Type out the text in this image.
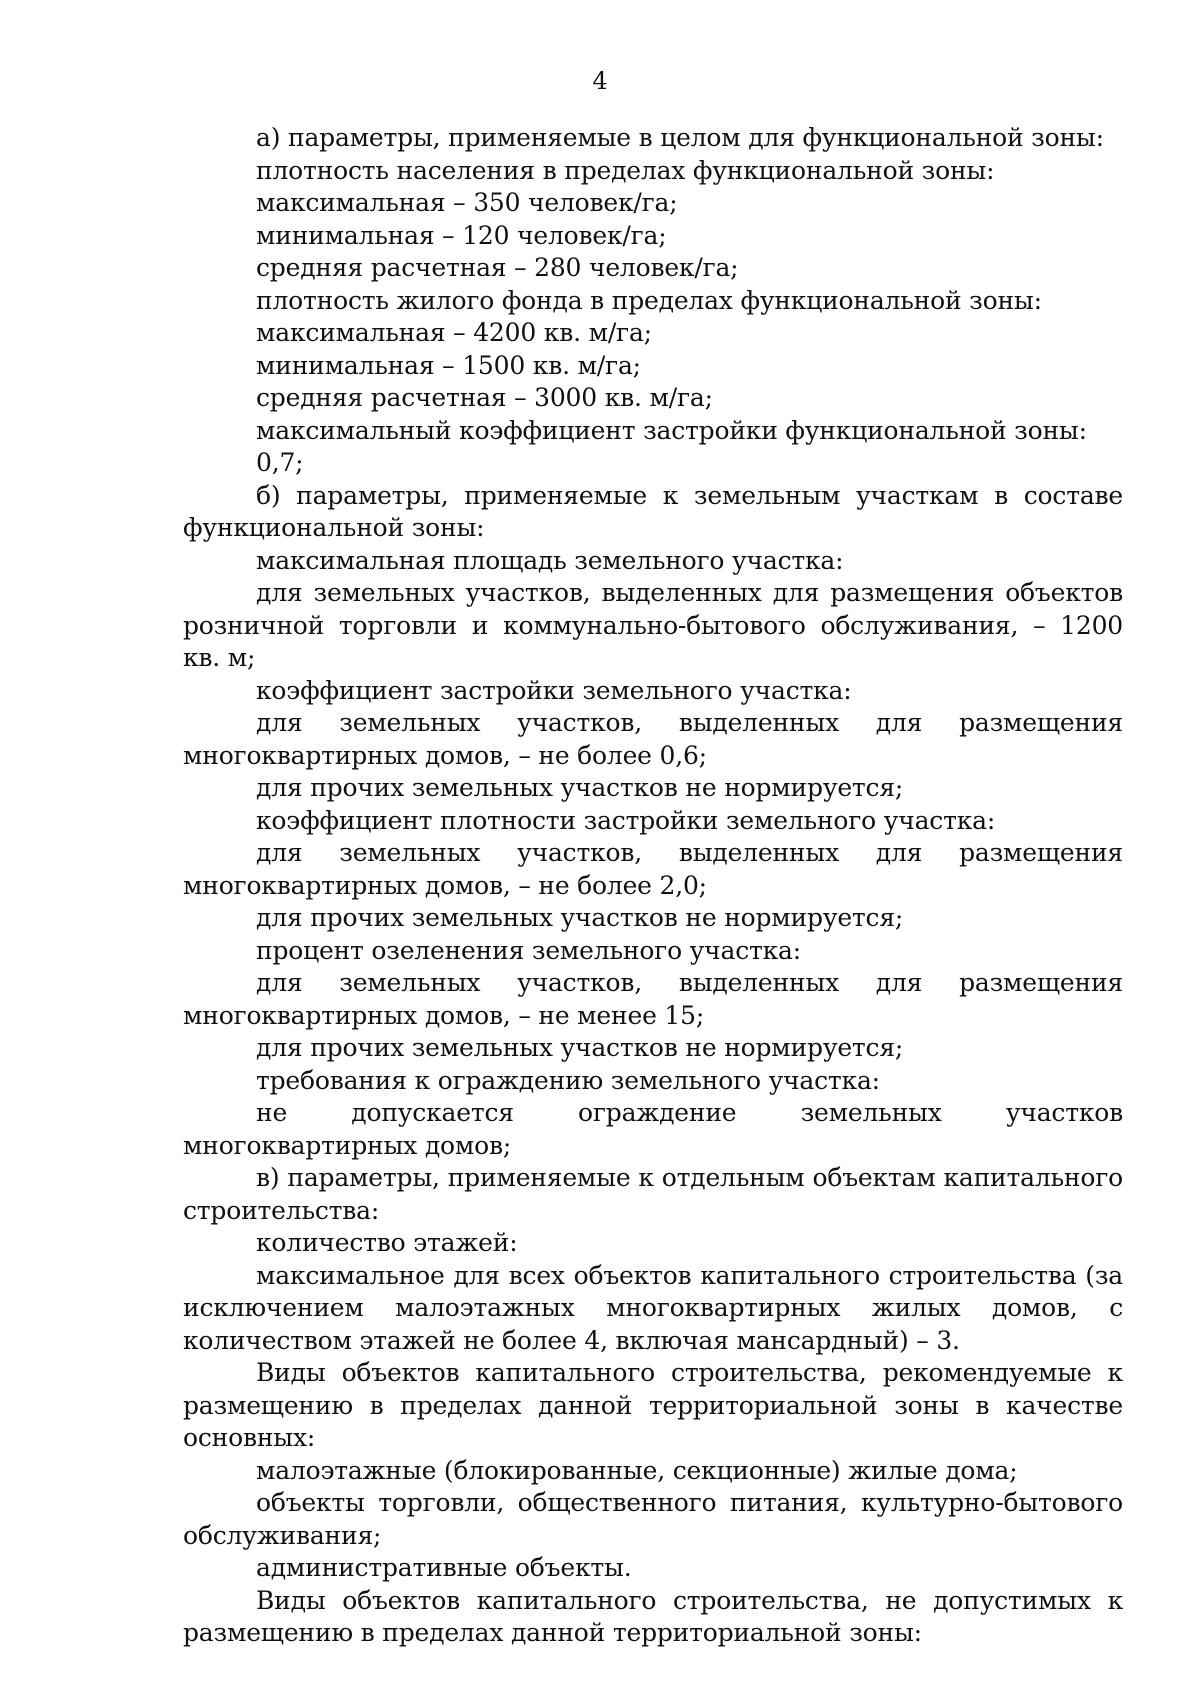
4

а) параметры, применяемые в целом для функциональной зоны:

плотность населения в пределах функциональной зоны:

максимальная – 350 человек/га;

минимальная – 120 человек/га;

средняя расчетная – 280 человек/га;

плотность жилого фонда в пределах функциональной зоны:

максимальная – 4200 кв. м/га;

минимальная – 1500 кв. м/га;

средняя расчетная – 3000 кв. м/га;

максимальный коэффициент застройки функциональной зоны:

0,7;

б) параметры, применяемые к земельным участкам в составе функциональной зоны:

максимальная площадь земельного участка:

для земельных участков, выделенных для размещения объектов розничной торговли и коммунально-бытового обслуживания, – 1200 кв. м;

коэффициент застройки земельного участка:

для земельных участков, выделенных для размещения многоквартирных домов, – не более 0,6;

для прочих земельных участков не нормируется;

коэффициент плотности застройки земельного участка:

для земельных участков, выделенных для размещения многоквартирных домов, – не более 2,0;

для прочих земельных участков не нормируется;

процент озеленения земельного участка:

для земельных участков, выделенных для размещения многоквартирных домов, – не менее 15;

для прочих земельных участков не нормируется;

требования к ограждению земельного участка:

не допускается ограждение земельных участков многоквартирных домов;

в) параметры, применяемые к отдельным объектам капитального строительства:

количество этажей:

максимальное для всех объектов капитального строительства (за исключением малоэтажных многоквартирных жилых домов, с количеством этажей не более 4, включая мансардный) – 3.

Виды объектов капитального строительства, рекомендуемые к размещению в пределах данной территориальной зоны в качестве основных:

малоэтажные (блокированные, секционные) жилые дома;

объекты торговли, общественного питания, культурно-бытового обслуживания;

административные объекты.

Виды объектов капитального строительства, не допустимых к размещению в пределах данной территориальной зоны:
